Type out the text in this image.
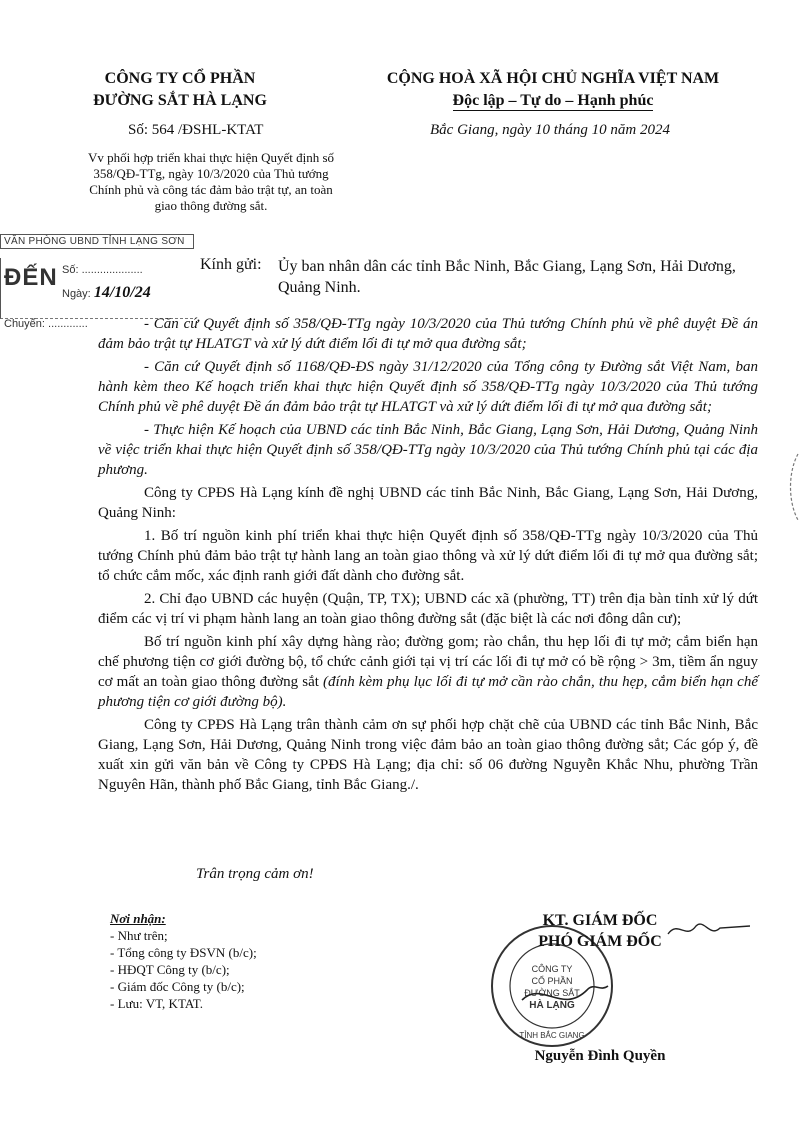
CÔNG TY CỔ PHẦN
ĐƯỜNG SẮT HÀ LẠNG
CỘNG HOÀ XÃ HỘI CHỦ NGHĨA VIỆT NAM
Độc lập – Tự do – Hạnh phúc
Số: 564 /ĐSHL-KTAT	Bắc Giang, ngày 10 tháng 10 năm 2024
Vv phối hợp triển khai thực hiện Quyết định số 358/QĐ-TTg, ngày 10/3/2020 của Thủ tướng Chính phủ và công tác đảm bảo trật tự, an toàn giao thông đường sắt.
VĂN PHÒNG UBND TỈNH LẠNG SƠN
ĐẾN Số: ....................
Ngày: 14/10/24
Chuyển: .............
Kính gửi: Ủy ban nhân dân các tỉnh Bắc Ninh, Bắc Giang, Lạng Sơn, Hải Dương, Quảng Ninh.

- Căn cứ Quyết định số 358/QĐ-TTg ngày 10/3/2020 của Thủ tướng Chính phủ về phê duyệt Đề án đảm bảo trật tự HLATGT và xử lý dứt điểm lối đi tự mở qua đường sắt;

- Căn cứ Quyết định số 1168/QĐ-ĐS ngày 31/12/2020 của Tổng công ty Đường sắt Việt Nam, ban hành kèm theo Kế hoạch triển khai thực hiện Quyết định số 358/QĐ-TTg ngày 10/3/2020 của Thủ tướng Chính phủ về phê duyệt Đề án đảm bảo trật tự HLATGT và xử lý dứt điểm lối đi tự mở qua đường sắt;

- Thực hiện Kế hoạch của UBND các tỉnh Bắc Ninh, Bắc Giang, Lạng Sơn, Hải Dương, Quảng Ninh về việc triển khai thực hiện Quyết định số 358/QĐ-TTg ngày 10/3/2020 của Thủ tướng Chính phủ tại các địa phương.

Công ty CPĐS Hà Lạng kính đề nghị UBND các tỉnh Bắc Ninh, Bắc Giang, Lạng Sơn, Hải Dương, Quảng Ninh:

1. Bố trí nguồn kinh phí triển khai thực hiện Quyết định số 358/QĐ-TTg ngày 10/3/2020 của Thủ tướng Chính phủ đảm bảo trật tự hành lang an toàn giao thông và xử lý dứt điểm lối đi tự mở qua đường sắt; tổ chức cắm mốc, xác định ranh giới đất dành cho đường sắt.

2. Chỉ đạo UBND các huyện (Quận, TP, TX); UBND các xã (phường, TT) trên địa bàn tỉnh xử lý dứt điểm các vị trí vi phạm hành lang an toàn giao thông đường sắt (đặc biệt là các nơi đông dân cư);

Bố trí nguồn kinh phí xây dựng hàng rào; đường gom; rào chắn, thu hẹp lối đi tự mở; cắm biển hạn chế phương tiện cơ giới đường bộ, tổ chức cảnh giới tại vị trí các lối đi tự mở có bề rộng > 3m, tiềm ẩn nguy cơ mất an toàn giao thông đường sắt (đính kèm phụ lục lối đi tự mở cần rào chắn, thu hẹp, cắm biển hạn chế phương tiện cơ giới đường bộ).

Công ty CPĐS Hà Lạng trân thành cảm ơn sự phối hợp chặt chẽ của UBND các tỉnh Bắc Ninh, Bắc Giang, Lạng Sơn, Hải Dương, Quảng Ninh trong việc đảm bảo an toàn giao thông đường sắt; Các góp ý, đề xuất xin gửi văn bản về Công ty CPĐS Hà Lạng; địa chỉ: số 06 đường Nguyễn Khắc Nhu, phường Trần Nguyên Hãn, thành phố Bắc Giang, tỉnh Bắc Giang./.

Trân trọng cảm ơn!
Nơi nhận:
- Như trên;
- Tổng công ty ĐSVN (b/c);
- HĐQT Công ty (b/c);
- Giám đốc Công ty (b/c);
- Lưu: VT, KTAT.
CÔNG TY
CỔ PHẦN
ĐƯỜNG SẮT
HÀ LẠNG
TỈNH BẮC GIANG
KT. GIÁM ĐỐC
PHÓ GIÁM ĐỐC
Nguyễn Đình Quyền
